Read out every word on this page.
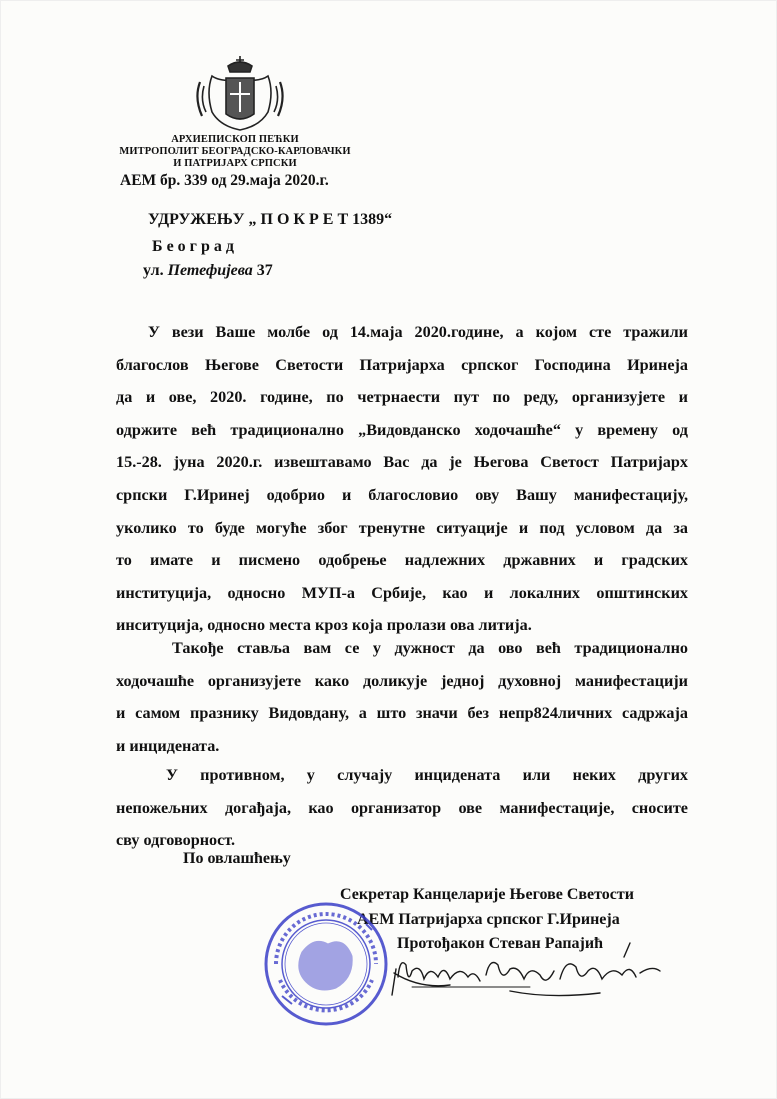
АРХИЕПИСКОП ПЕЋКИ
МИТРОПОЛИТ БЕОГРАДСКО-КАРЛОВАЧКИ
И ПАТРИЈАРХ СРПСКИ
АЕМ бр. 339 од 29.маја 2020.г.
УДРУЖЕЊУ „ П О К Р Е Т 1389“
Б е о г р а д
ул. Петефијева 37
У вези Ваше молбе од 14.маја 2020.године, а којом сте тражили
благослов Његове Светости Патријарха српског Господина Иринеја
да и ове, 2020. године, по четрнаести пут по реду, организујете и
одржите већ традиционално „Видовданско ходочашће“ у времену од
15.-28. јуна 2020.г. извештавамо Вас да је Његова Светост Патријарх
српски Г.Иринеј одобрио и благословио ову Вашу манифестацију,
уколико то буде могуће због тренутне ситуације и под условом да за
то имате и писмено одобрење надлежних државних и градских
институција, односно МУП-а Србије, као и локалних општинских
инситуција, односно места кроз која пролази ова литија.
Такође ставља вам се у дужност да ово већ традиционално
ходочашће организујете како доликује једној духовној манифестацији
и самом празнику Видовдану, а што значи без непр824личних садржаја
и инцидената.
У противном, у случају инцидената или неких других
непожељних догађаја, као организатор ове манифестације, сносите
сву одговорност.
По овлашћењу
Секретар Канцеларије Његове Светости
АЕМ Патријарха српског Г.Иринеја
Протођакон Стеван Рапајић
